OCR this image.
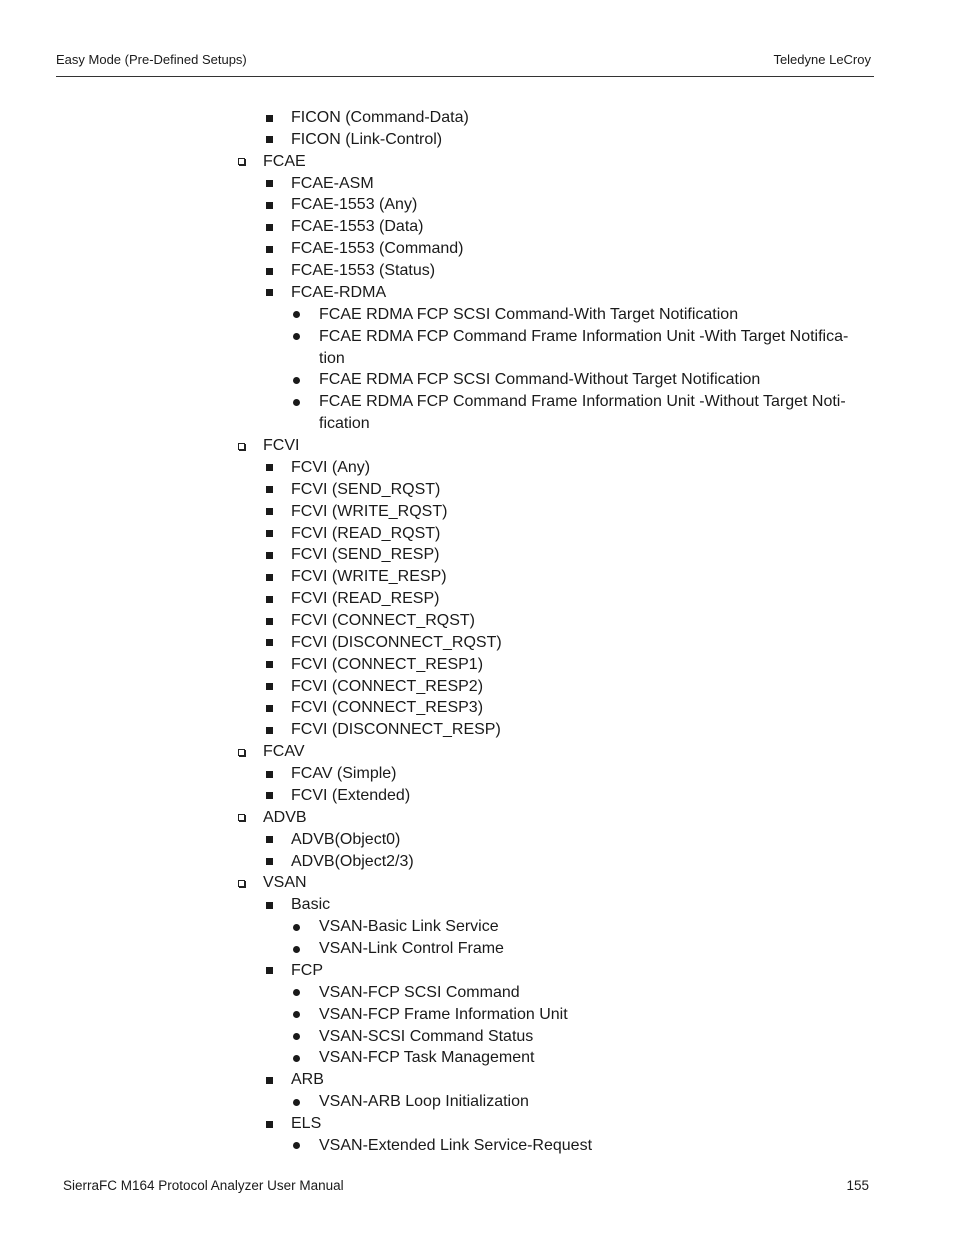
Easy Mode (Pre-Defined Setups)	Teledyne LeCroy
FICON (Command-Data)
FICON (Link-Control)
FCAE
FCAE-ASM
FCAE-1553 (Any)
FCAE-1553 (Data)
FCAE-1553 (Command)
FCAE-1553 (Status)
FCAE-RDMA
FCAE RDMA FCP SCSI Command-With Target Notification
FCAE RDMA FCP Command Frame Information Unit -With Target Notifica-
tion
FCAE RDMA FCP SCSI Command-Without Target Notification
FCAE RDMA FCP Command Frame Information Unit -Without Target Noti-
fication
FCVI
FCVI (Any)
FCVI (SEND_RQST)
FCVI (WRITE_RQST)
FCVI (READ_RQST)
FCVI (SEND_RESP)
FCVI (WRITE_RESP)
FCVI (READ_RESP)
FCVI (CONNECT_RQST)
FCVI (DISCONNECT_RQST)
FCVI (CONNECT_RESP1)
FCVI (CONNECT_RESP2)
FCVI (CONNECT_RESP3)
FCVI (DISCONNECT_RESP)
FCAV
FCAV (Simple)
FCVI (Extended)
ADVB
ADVB(Object0)
ADVB(Object2/3)
VSAN
Basic
VSAN-Basic Link Service
VSAN-Link Control Frame
FCP
VSAN-FCP SCSI Command
VSAN-FCP Frame Information Unit
VSAN-SCSI Command Status
VSAN-FCP Task Management
ARB
VSAN-ARB Loop Initialization
ELS
VSAN-Extended Link Service-Request
SierraFC M164 Protocol Analyzer User Manual	155
